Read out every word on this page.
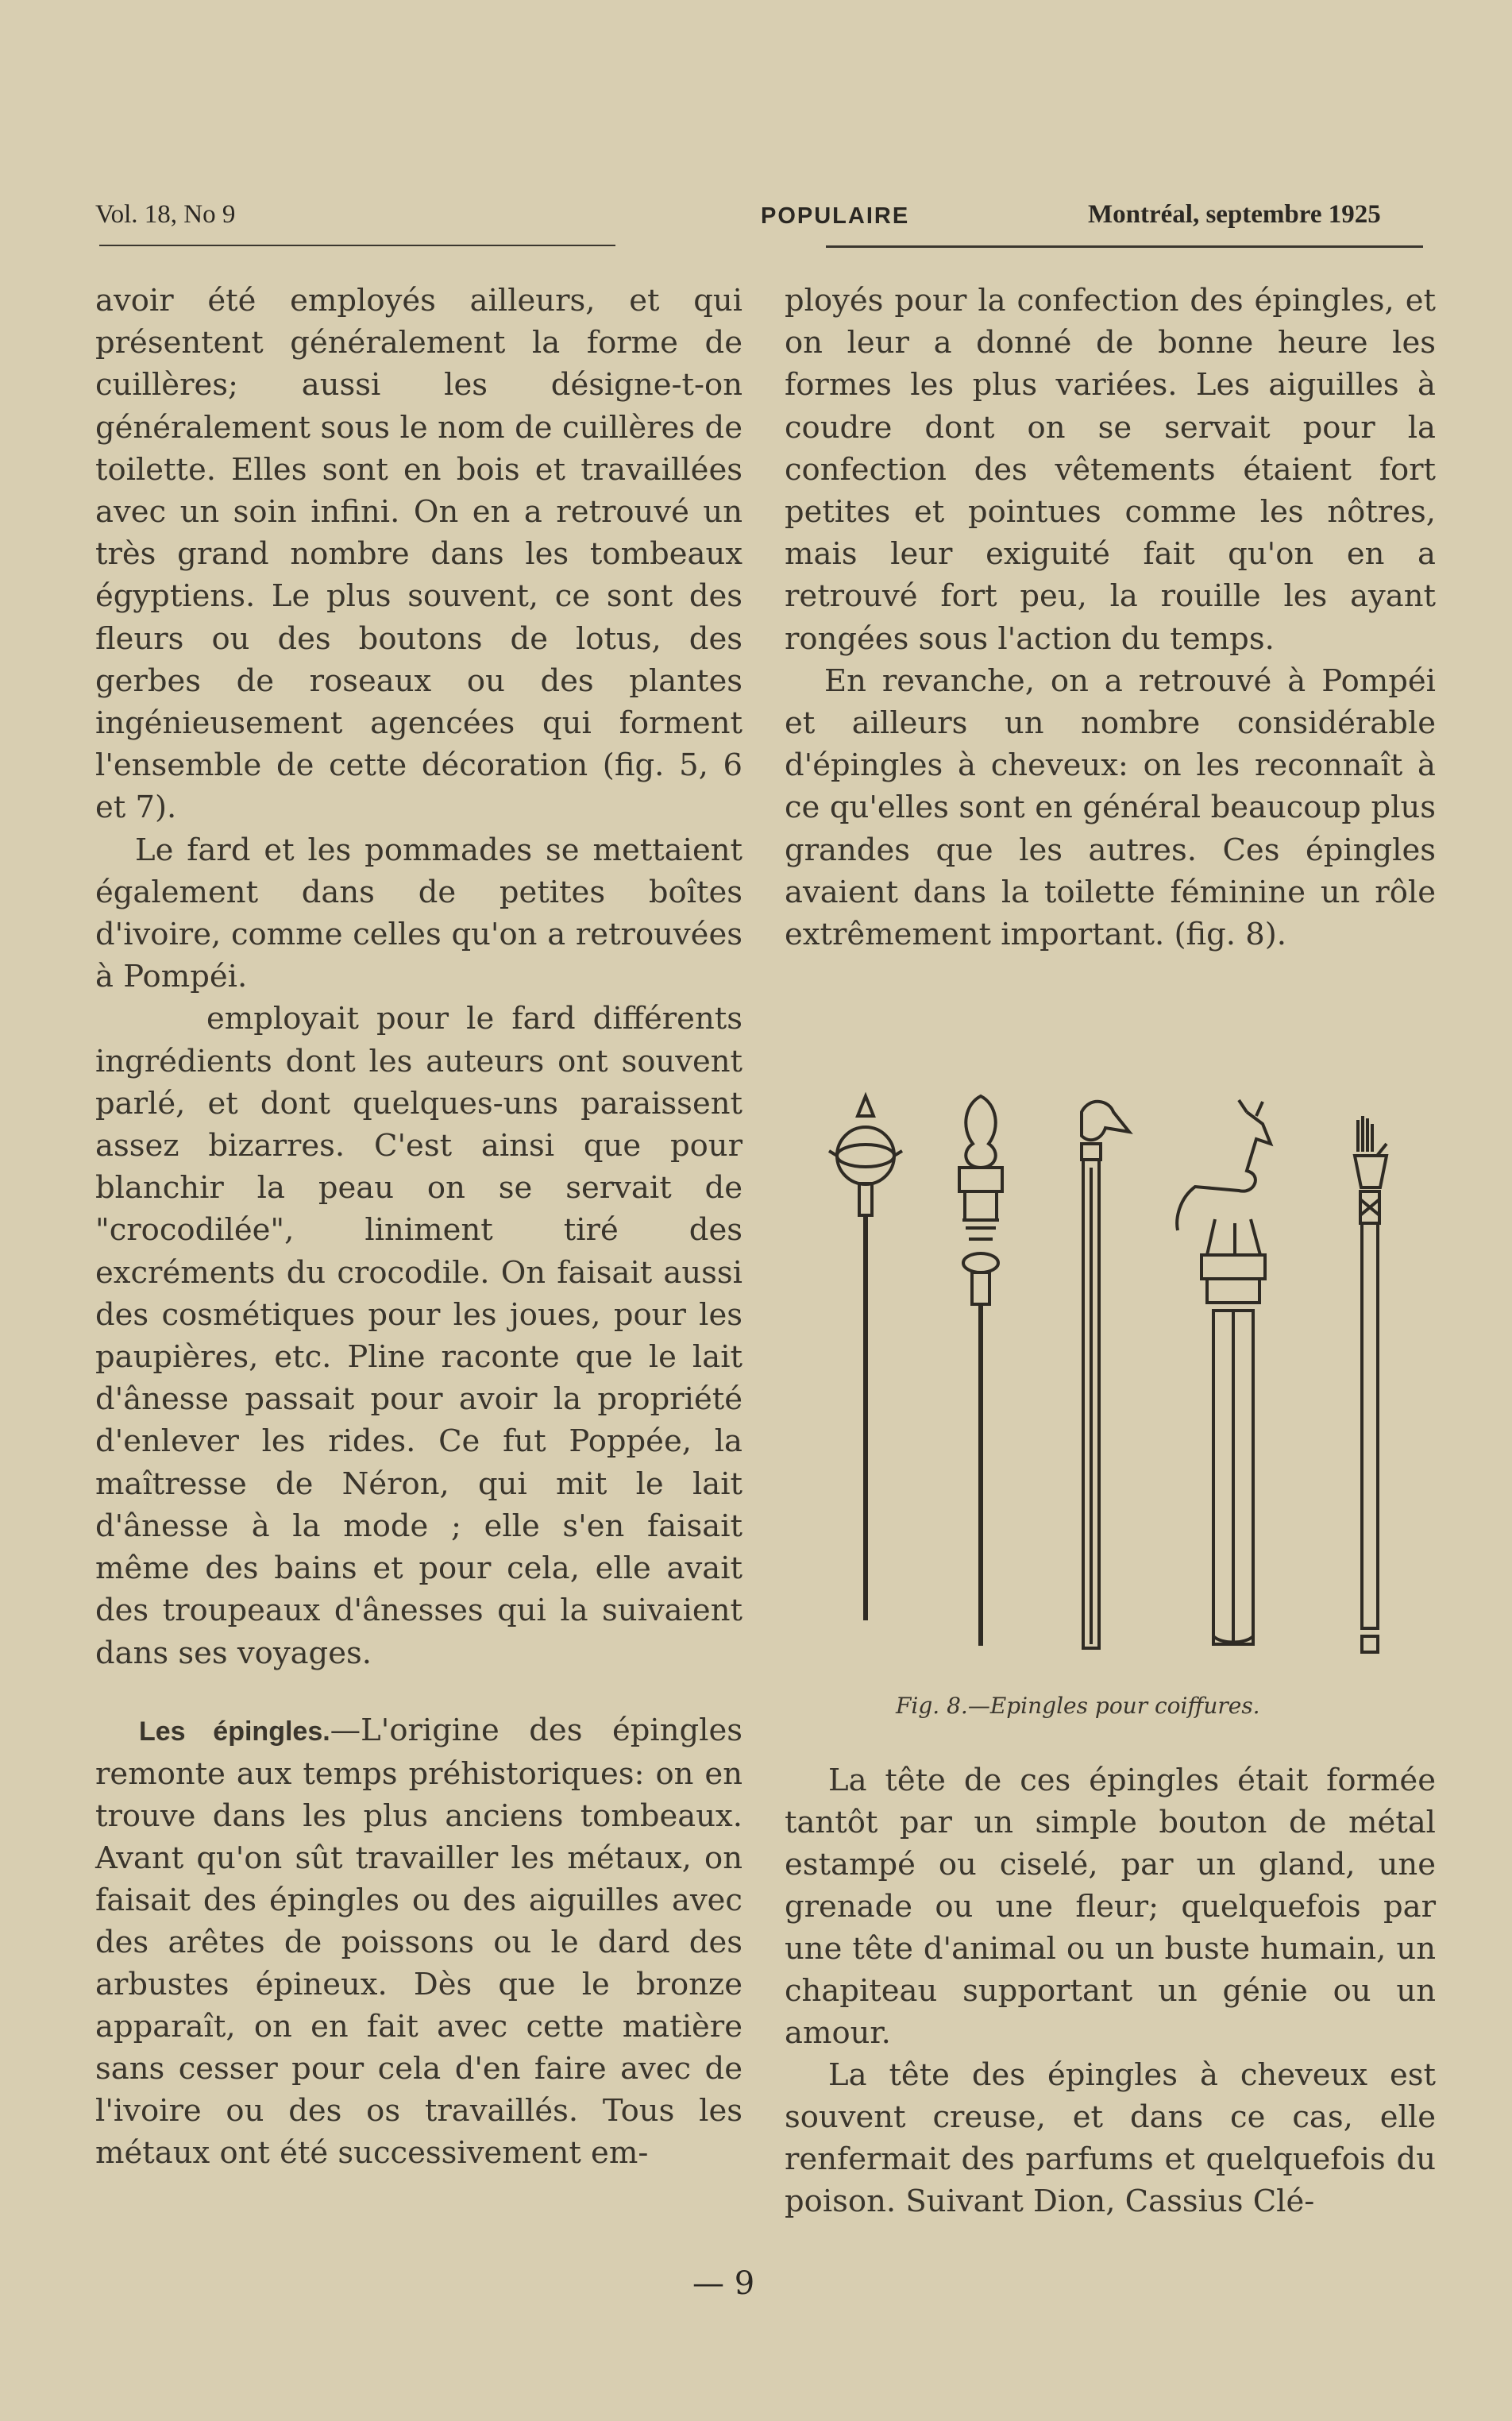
Vol. 18, No 9	POPULAIRE	Montréal, septembre 1925

avoir été employés ailleurs, et qui présentent généralement la forme de cuillères; aussi les désigne-t-on généralement sous le nom de cuillères de toilette. Elles sont en bois et travaillées avec un soin infini. On en a retrouvé un très grand nombre dans les tombeaux égyptiens. Le plus souvent, ce sont des fleurs ou des boutons de lotus, des gerbes de roseaux ou des plantes ingénieusement agencées qui forment l'ensemble de cette décoration (fig. 5, 6 et 7).

Le fard et les pommades se mettaient également dans de petites boîtes d'ivoire, comme celles qu'on a retrouvées à Pompéi.

employait pour le fard différents ingrédients dont les auteurs ont souvent parlé, et dont quelques-uns paraissent assez bizarres. C'est ainsi que pour blanchir la peau on se servait de "crocodilée", liniment tiré des excréments du crocodile. On faisait aussi des cosmétiques pour les joues, pour les paupières, etc. Pline raconte que le lait d'ânesse passait pour avoir la propriété d'enlever les rides. Ce fut Poppée, la maîtresse de Néron, qui mit le lait d'ânesse à la mode ; elle s'en faisait même des bains et pour cela, elle avait des troupeaux d'ânesses qui la suivaient dans ses voyages.

Les épingles.—L'origine des épingles remonte aux temps préhistoriques: on en trouve dans les plus anciens tombeaux. Avant qu'on sût travailler les métaux, on faisait des épingles ou des aiguilles avec des arêtes de poissons ou le dard des arbustes épineux. Dès que le bronze apparaît, on en fait avec cette matière sans cesser pour cela d'en faire avec de l'ivoire ou des os travaillés. Tous les métaux ont été successivement em-

ployés pour la confection des épingles, et on leur a donné de bonne heure les formes les plus variées. Les aiguilles à coudre dont on se servait pour la confection des vêtements étaient fort petites et pointues comme les nôtres, mais leur exiguité fait qu'on en a retrouvé fort peu, la rouille les ayant rongées sous l'action du temps.

En revanche, on a retrouvé à Pompéi et ailleurs un nombre considérable d'épingles à cheveux: on les reconnaît à ce qu'elles sont en général beaucoup plus grandes que les autres. Ces épingles avaient dans la toilette féminine un rôle extrêmement important. (fig. 8).

Fig. 8.—Epingles pour coiffures.

La tête de ces épingles était formée tantôt par un simple bouton de métal estampé ou ciselé, par un gland, une grenade ou une fleur; quelquefois par une tête d'animal ou un buste humain, un chapiteau supportant un génie ou un amour.

La tête des épingles à cheveux est souvent creuse, et dans ce cas, elle renfermait des parfums et quelquefois du poison. Suivant Dion, Cassius Clé-

— 9
